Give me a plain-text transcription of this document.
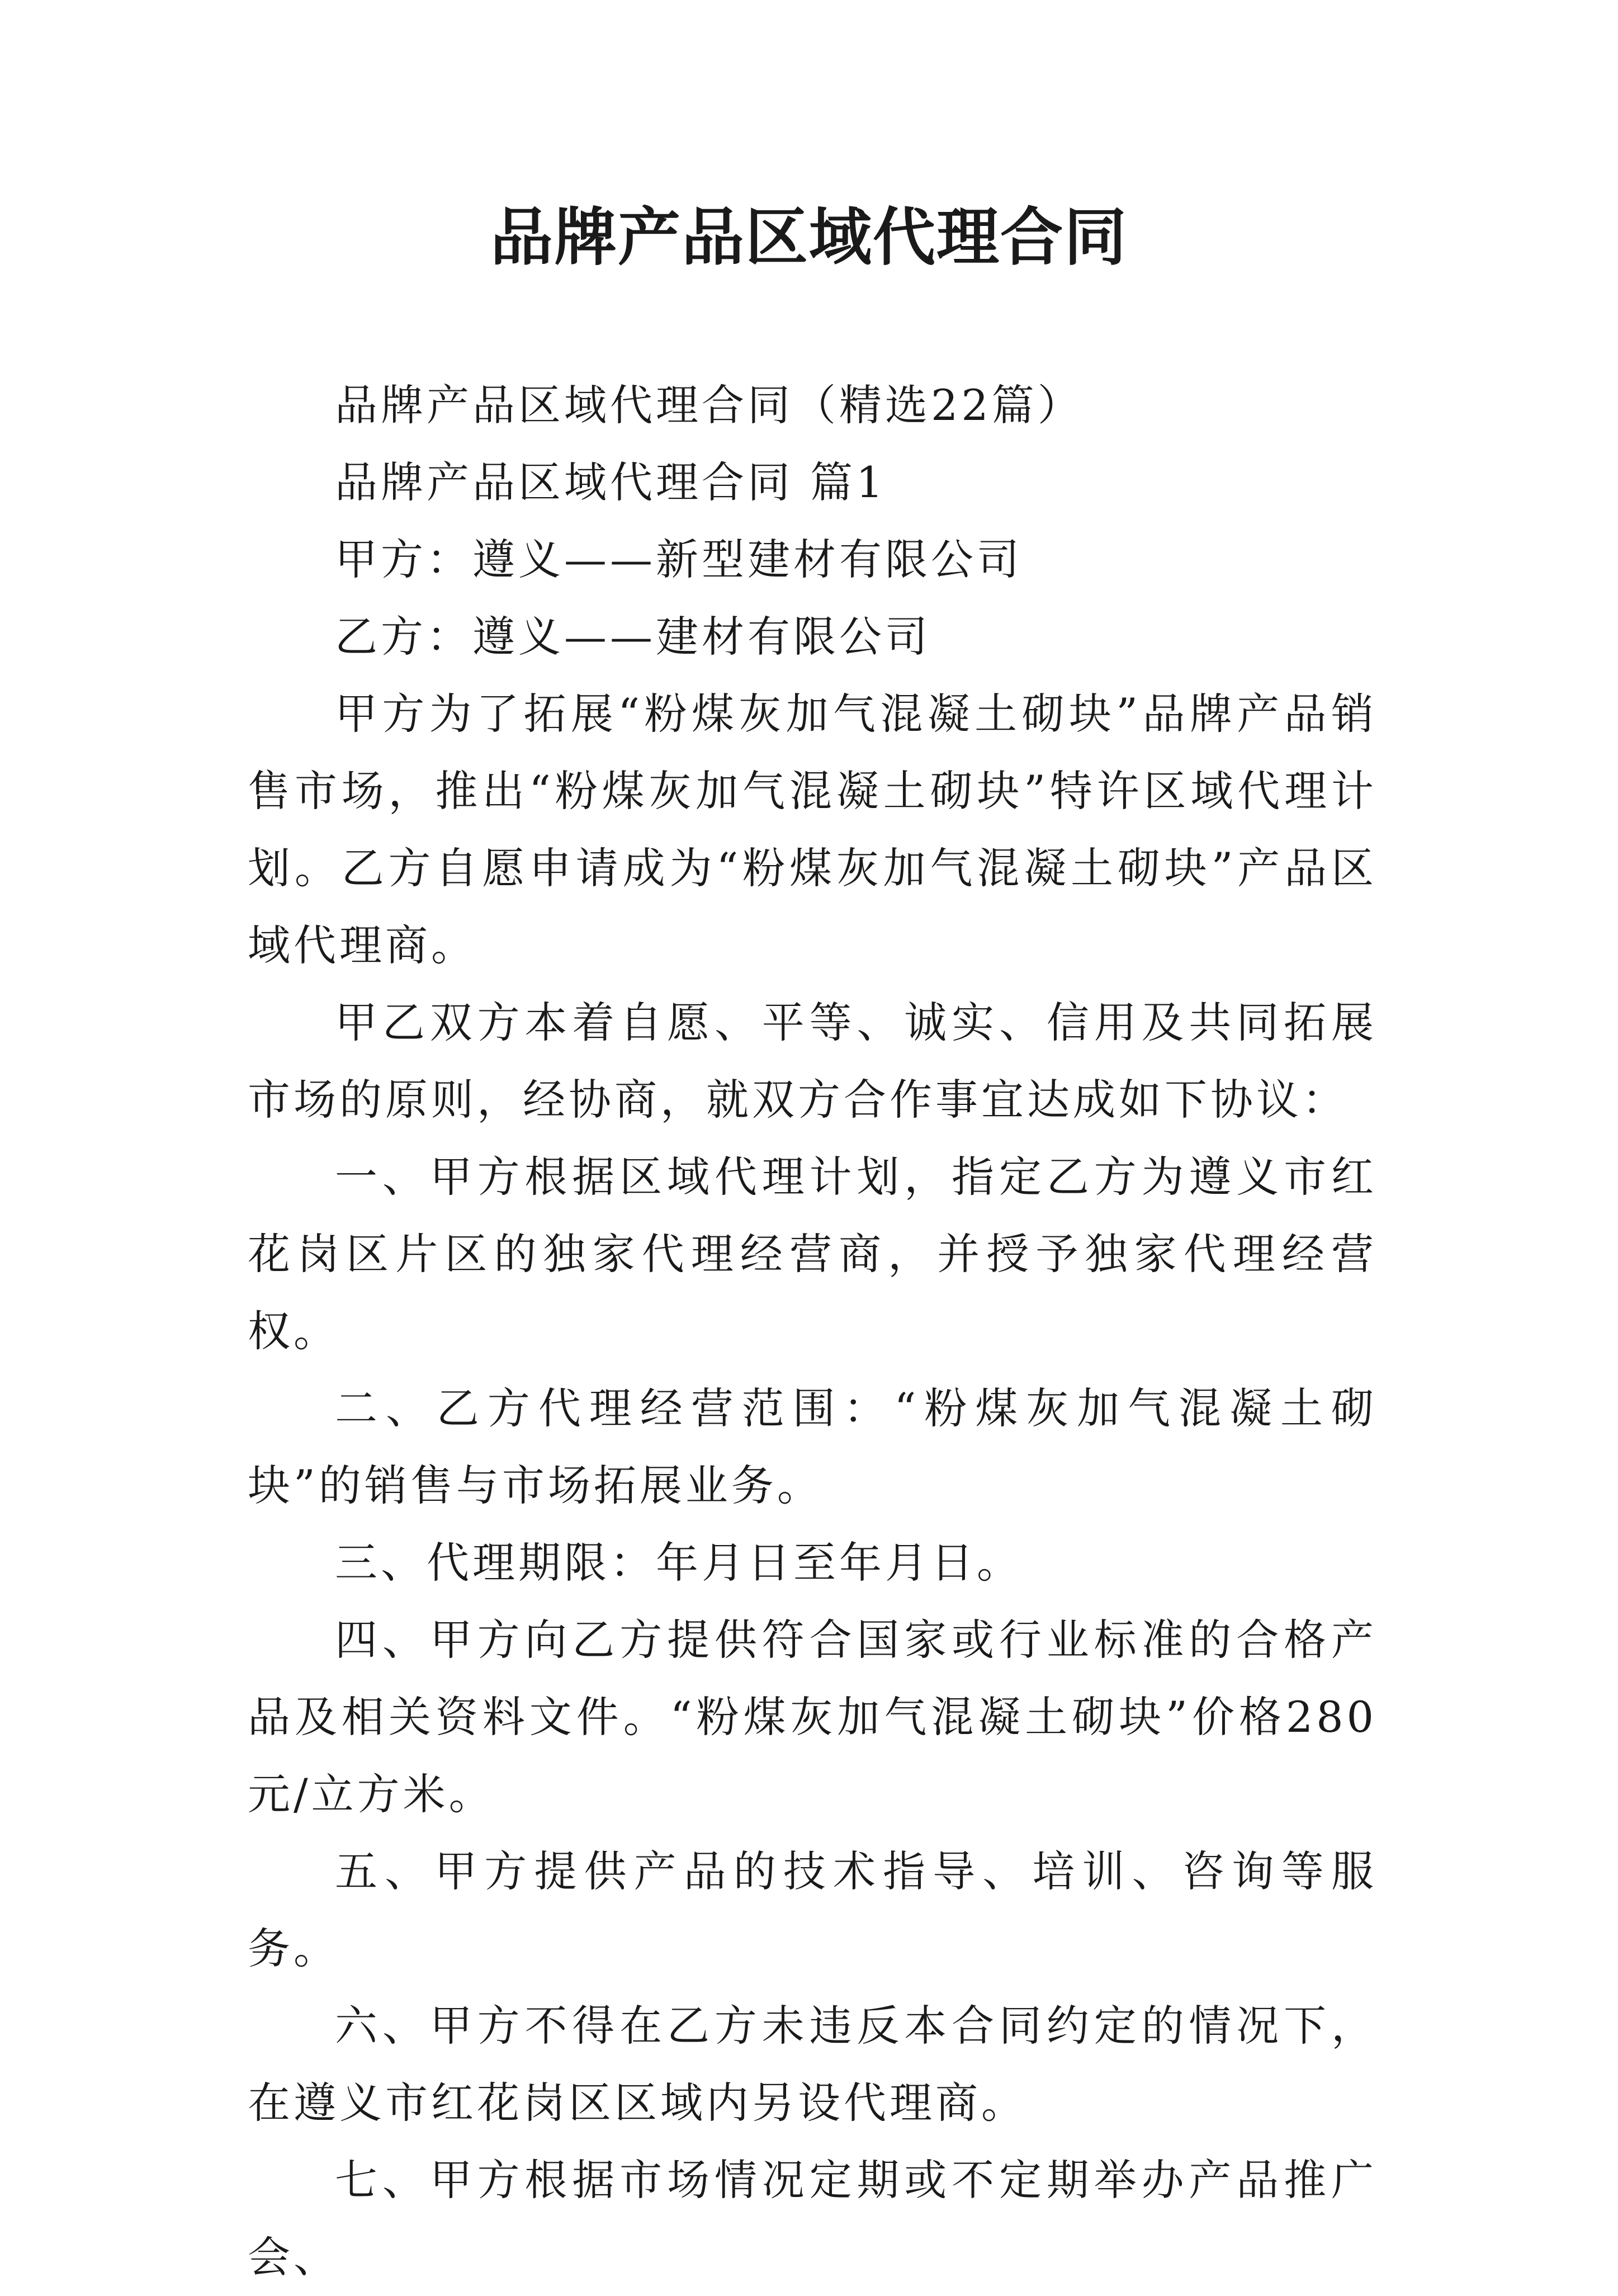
品牌产品区域代理合同

品牌产品区域代理合同（精选22篇）

品牌产品区域代理合同 篇1

甲方：遵义——新型建材有限公司

乙方：遵义——建材有限公司

甲方为了拓展“粉煤灰加气混凝土砌块”品牌产品销售市场，推出“粉煤灰加气混凝土砌块”特许区域代理计划。乙方自愿申请成为“粉煤灰加气混凝土砌块”产品区域代理商。

甲乙双方本着自愿、平等、诚实、信用及共同拓展市场的原则，经协商，就双方合作事宜达成如下协议：

一、甲方根据区域代理计划，指定乙方为遵义市红花岗区片区的独家代理经营商，并授予独家代理经营权。

二、乙方代理经营范围：“粉煤灰加气混凝土砌块”的销售与市场拓展业务。

三、代理期限：年月日至年月日。

四、甲方向乙方提供符合国家或行业标准的合格产品及相关资料文件。“粉煤灰加气混凝土砌块”价格280元/立方米。

五、甲方提供产品的技术指导、培训、咨询等服务。

六、甲方不得在乙方未违反本合同约定的情况下，在遵义市红花岗区区域内另设代理商。

七、甲方根据市场情况定期或不定期举办产品推广会、
